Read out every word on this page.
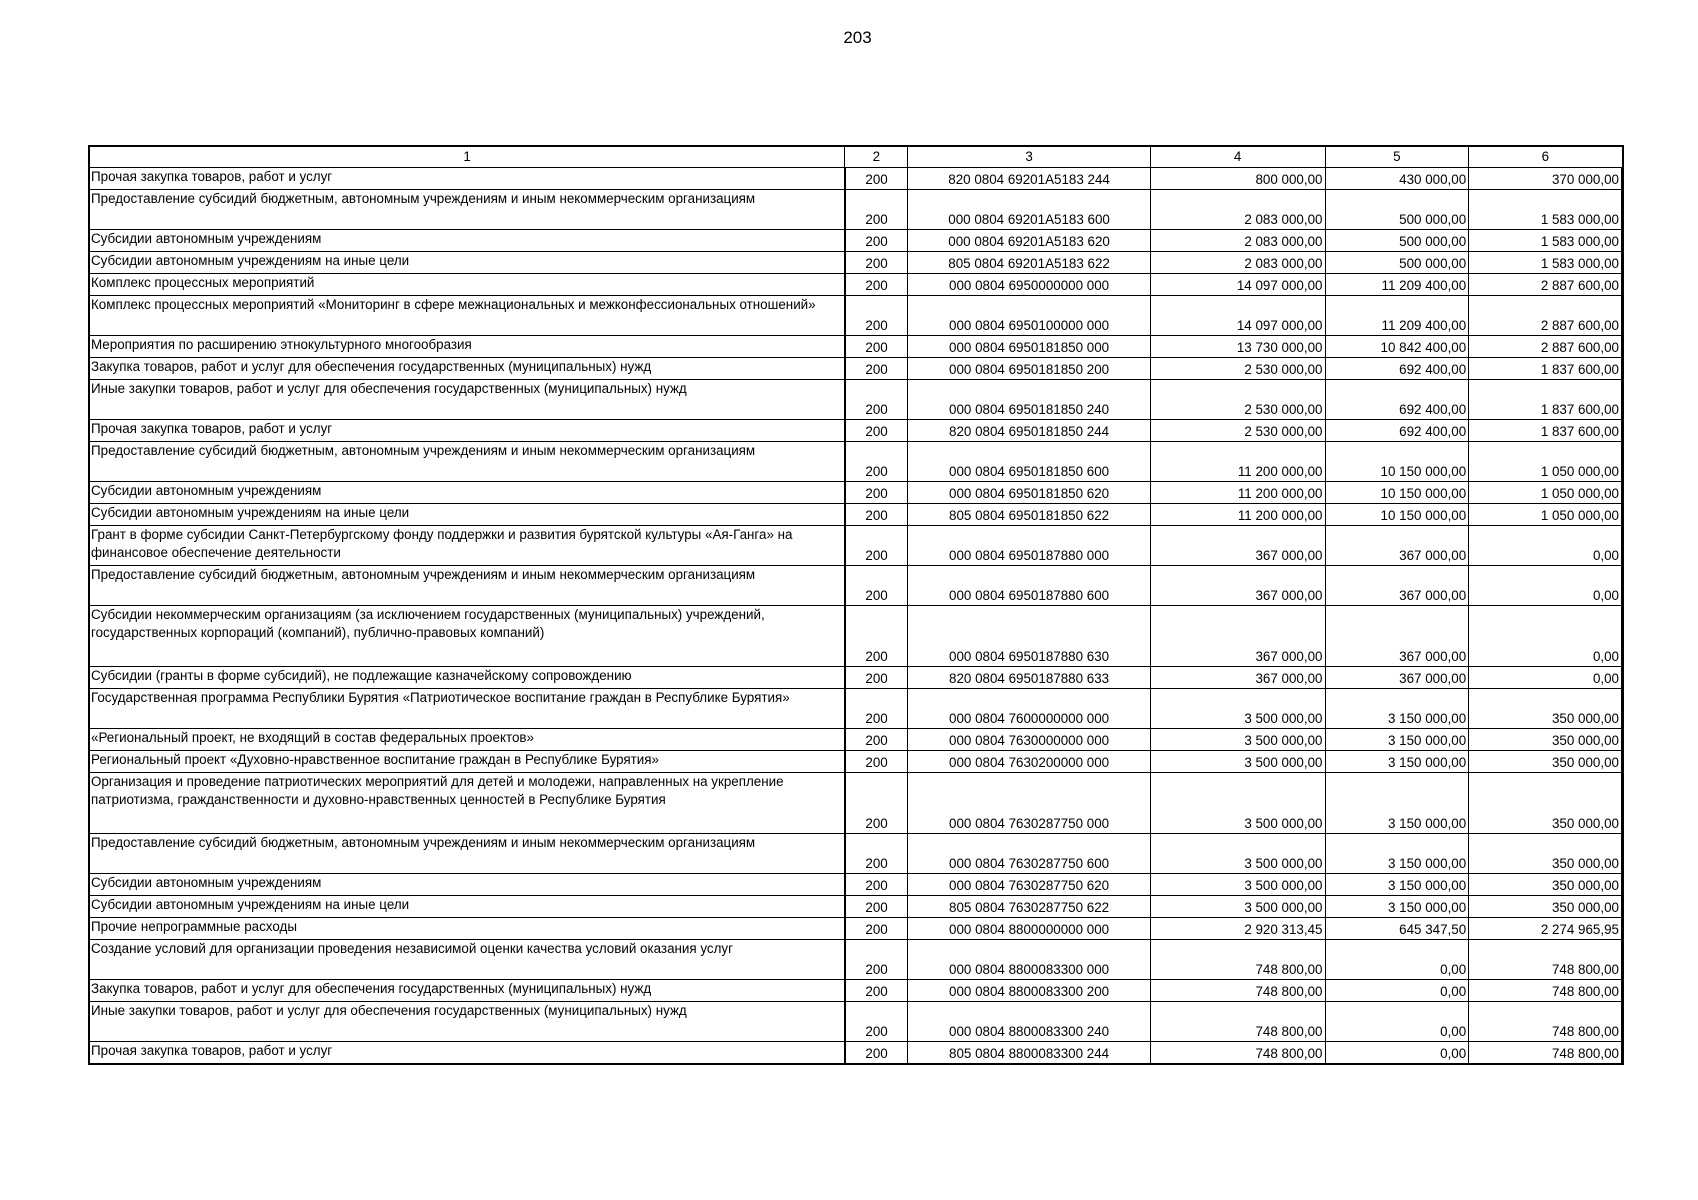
203
1	2	3	4	5	6
Прочая закупка товаров, работ и услуг	200	820 0804 69201А5183 244	800 000,00	430 000,00	370 000,00
Предоставление субсидий бюджетным, автономным учреждениям и иным некоммерческим организациям	200	000 0804 69201А5183 600	2 083 000,00	500 000,00	1 583 000,00
Субсидии автономным учреждениям	200	000 0804 69201А5183 620	2 083 000,00	500 000,00	1 583 000,00
Субсидии автономным учреждениям на иные цели	200	805 0804 69201А5183 622	2 083 000,00	500 000,00	1 583 000,00
Комплекс процессных мероприятий	200	000 0804 6950000000 000	14 097 000,00	11 209 400,00	2 887 600,00
Комплекс процессных мероприятий «Мониторинг в сфере межнациональных и межконфессиональных отношений»	200	000 0804 6950100000 000	14 097 000,00	11 209 400,00	2 887 600,00
Мероприятия по расширению этнокультурного многообразия	200	000 0804 6950181850 000	13 730 000,00	10 842 400,00	2 887 600,00
Закупка товаров, работ и услуг для обеспечения государственных (муниципальных) нужд	200	000 0804 6950181850 200	2 530 000,00	692 400,00	1 837 600,00
Иные закупки товаров, работ и услуг для обеспечения государственных (муниципальных) нужд	200	000 0804 6950181850 240	2 530 000,00	692 400,00	1 837 600,00
Прочая закупка товаров, работ и услуг	200	820 0804 6950181850 244	2 530 000,00	692 400,00	1 837 600,00
Предоставление субсидий бюджетным, автономным учреждениям и иным некоммерческим организациям	200	000 0804 6950181850 600	11 200 000,00	10 150 000,00	1 050 000,00
Субсидии автономным учреждениям	200	000 0804 6950181850 620	11 200 000,00	10 150 000,00	1 050 000,00
Субсидии автономным учреждениям на иные цели	200	805 0804 6950181850 622	11 200 000,00	10 150 000,00	1 050 000,00
Грант в форме субсидии Санкт-Петербургскому фонду поддержки и развития бурятской культуры «Ая-Ганга» на финансовое обеспечение деятельности	200	000 0804 6950187880 000	367 000,00	367 000,00	0,00
Предоставление субсидий бюджетным, автономным учреждениям и иным некоммерческим организациям	200	000 0804 6950187880 600	367 000,00	367 000,00	0,00
Субсидии некоммерческим организациям (за исключением государственных (муниципальных) учреждений, государственных корпораций (компаний), публично-правовых компаний)	200	000 0804 6950187880 630	367 000,00	367 000,00	0,00
Субсидии (гранты в форме субсидий), не подлежащие казначейскому сопровождению	200	820 0804 6950187880 633	367 000,00	367 000,00	0,00
Государственная программа Республики Бурятия «Патриотическое воспитание граждан в Республике Бурятия»	200	000 0804 7600000000 000	3 500 000,00	3 150 000,00	350 000,00
«Региональный проект, не входящий в состав федеральных проектов»	200	000 0804 7630000000 000	3 500 000,00	3 150 000,00	350 000,00
Региональный проект «Духовно-нравственное воспитание граждан в Республике Бурятия»	200	000 0804 7630200000 000	3 500 000,00	3 150 000,00	350 000,00
Организация и проведение патриотических мероприятий для детей и молодежи, направленных на укрепление патриотизма, гражданственности и духовно-нравственных ценностей в Республике Бурятия	200	000 0804 7630287750 000	3 500 000,00	3 150 000,00	350 000,00
Предоставление субсидий бюджетным, автономным учреждениям и иным некоммерческим организациям	200	000 0804 7630287750 600	3 500 000,00	3 150 000,00	350 000,00
Субсидии автономным учреждениям	200	000 0804 7630287750 620	3 500 000,00	3 150 000,00	350 000,00
Субсидии автономным учреждениям на иные цели	200	805 0804 7630287750 622	3 500 000,00	3 150 000,00	350 000,00
Прочие непрограммные расходы	200	000 0804 8800000000 000	2 920 313,45	645 347,50	2 274 965,95
Создание условий для организации проведения независимой оценки качества условий оказания услуг	200	000 0804 8800083300 000	748 800,00	0,00	748 800,00
Закупка товаров, работ и услуг для обеспечения государственных (муниципальных) нужд	200	000 0804 8800083300 200	748 800,00	0,00	748 800,00
Иные закупки товаров, работ и услуг для обеспечения государственных (муниципальных) нужд	200	000 0804 8800083300 240	748 800,00	0,00	748 800,00
Прочая закупка товаров, работ и услуг	200	805 0804 8800083300 244	748 800,00	0,00	748 800,00
